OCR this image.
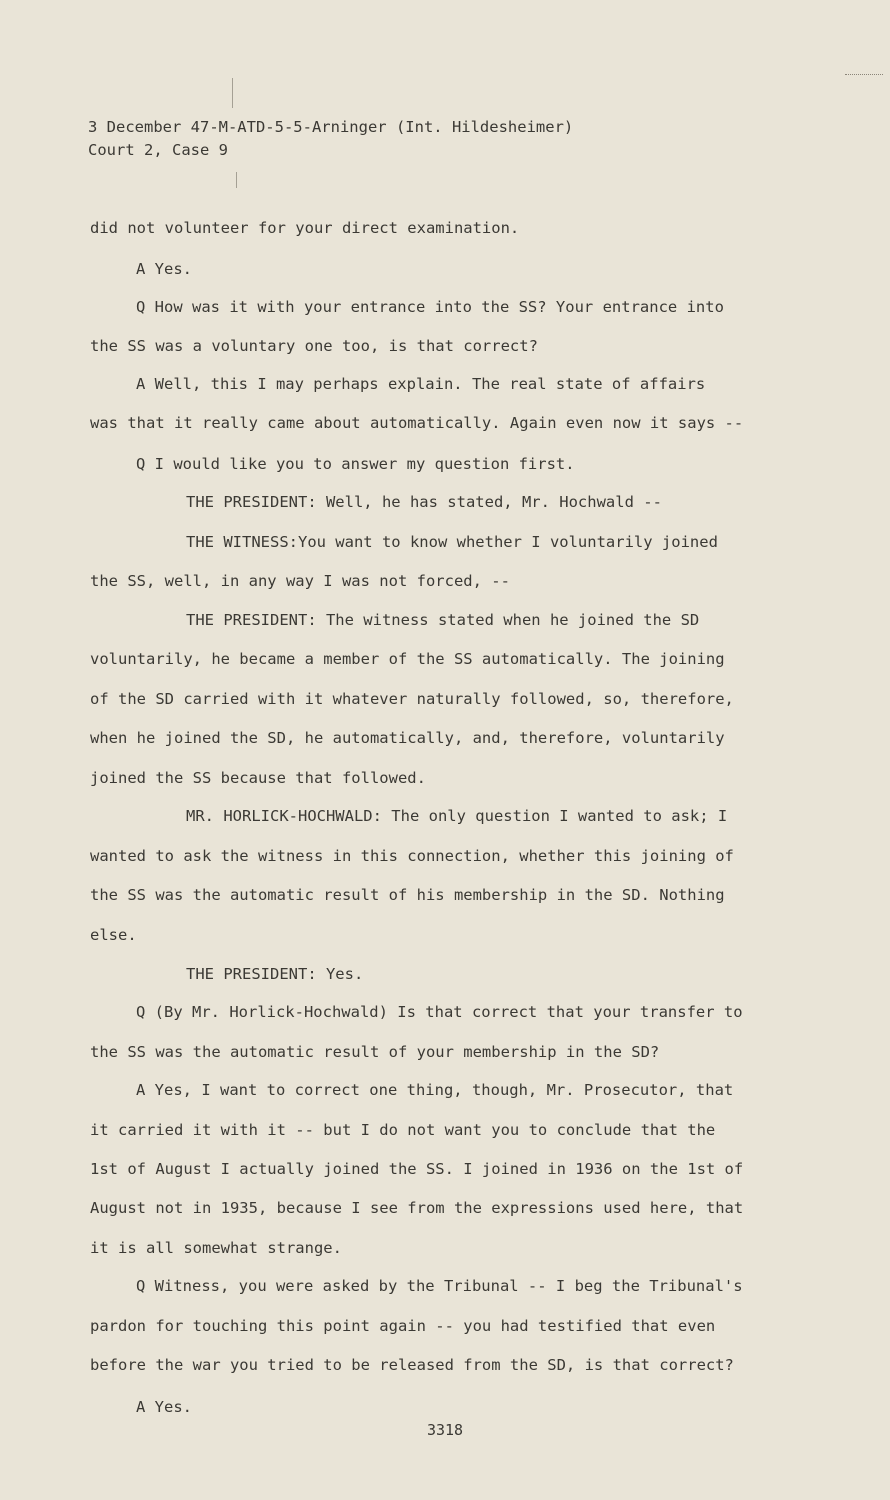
3 December 47-M-ATD-5-5-Arninger (Int. Hildesheimer)
Court 2, Case 9
did not volunteer for your direct examination.
A Yes.
Q How was it with your entrance into the SS? Your entrance into
the SS was a voluntary one too, is that correct?
A Well, this I may perhaps explain. The real state of affairs
was that it really came about automatically. Again even now it says --
Q I would like you to answer my question first.
THE PRESIDENT: Well, he has stated, Mr. Hochwald --
THE WITNESS:You want to know whether I voluntarily joined
the SS, well, in any way I was not forced, --
THE PRESIDENT: The witness stated when he joined the SD
voluntarily, he became a member of the SS automatically. The joining
of the SD carried with it whatever naturally followed, so, therefore,
when he joined the SD, he automatically, and, therefore, voluntarily
joined the SS because that followed.
MR. HORLICK-HOCHWALD: The only question I wanted to ask; I
wanted to ask the witness in this connection, whether this joining of
the SS was the automatic result of his membership in the SD. Nothing
else.
THE PRESIDENT: Yes.
Q (By Mr. Horlick-Hochwald) Is that correct that your transfer to
the SS was the automatic result of your membership in the SD?
A Yes, I want to correct one thing, though, Mr. Prosecutor, that
it carried it with it -- but I do not want you to conclude that the
1st of August I actually joined the SS. I joined in 1936 on the 1st of
August not in 1935, because I see from the expressions used here, that
it is all somewhat strange.
Q Witness, you were asked by the Tribunal -- I beg the Tribunal's
pardon for touching this point again -- you had testified that even
before the war you tried to be released from the SD, is that correct?
A Yes.
3318
